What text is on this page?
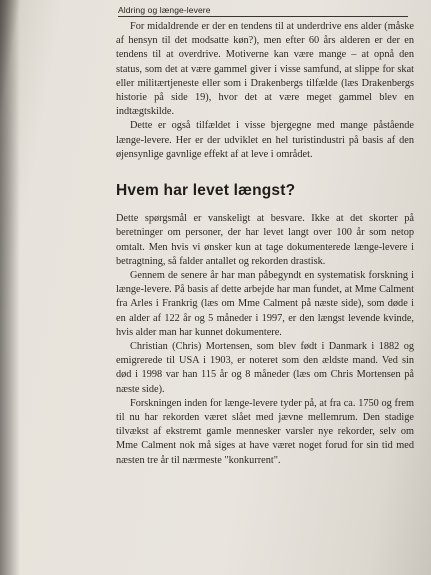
Aldring og længe-levere

For midaldrende er der en tendens til at underdrive ens alder (måske af hensyn til det modsatte køn?), men efter 60 års alderen er der en tendens til at overdrive. Motiverne kan være mange – at opnå den status, som det at være gammel giver i visse samfund, at slippe for skat eller militærtjeneste eller som i Drakenbergs tilfælde (læs Drakenbergs historie på side 19), hvor det at være meget gammel blev en indtægtskilde.

Dette er også tilfældet i visse bjergegne med mange påstående længe-levere. Her er der udviklet en hel turistindustri på basis af den øjensynlige gavnlige effekt af at leve i området.

Hvem har levet længst?

Dette spørgsmål er vanskeligt at besvare. Ikke at det skorter på beretninger om personer, der har levet langt over 100 år som netop omtalt. Men hvis vi ønsker kun at tage dokumenterede længe-levere i betragtning, så falder antallet og rekorden drastisk.

Gennem de senere år har man påbegyndt en systematisk forskning i længe-levere. På basis af dette arbejde har man fundet, at Mme Calment fra Arles i Frankrig (læs om Mme Calment på næste side), som døde i en alder af 122 år og 5 måneder i 1997, er den længst levende kvinde, hvis alder man har kunnet dokumentere.

Christian (Chris) Mortensen, som blev født i Danmark i 1882 og emigrerede til USA i 1903, er noteret som den ældste mand. Ved sin død i 1998 var han 115 år og 8 måneder (læs om Chris Mortensen på næste side).

Forskningen inden for længe-levere tyder på, at fra ca. 1750 og frem til nu har rekorden været slået med jævne mellemrum. Den stadige tilvækst af ekstremt gamle mennesker varsler nye rekorder, selv om Mme Calment nok må siges at have været noget forud for sin tid med næsten tre år til nærmeste "konkurrent".
